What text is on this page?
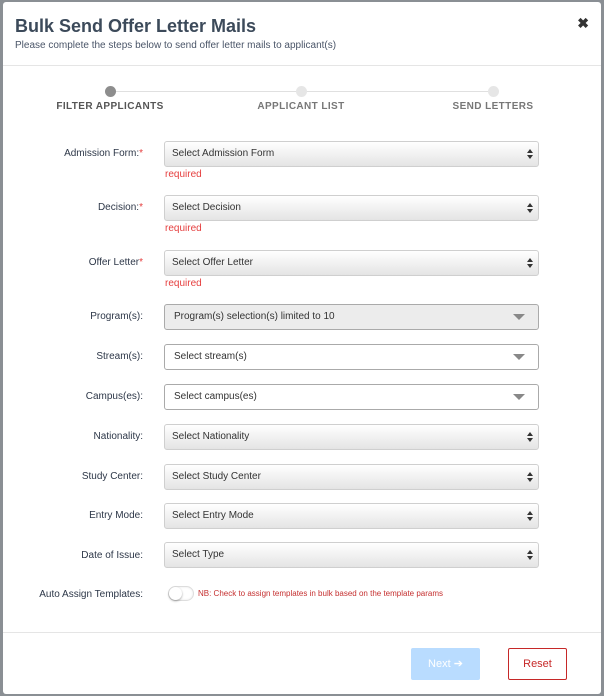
Bulk Send Offer Letter Mails
Please complete the steps below to send offer letter mails to applicant(s)
✖
FILTER APPLICANTS	APPLICANT LIST	SEND LETTERS
Admission Form:*	Select Admission Form
required
Decision:*	Select Decision
required
Offer Letter*	Select Offer Letter
required
Program(s):	Program(s) selection(s) limited to 10
Stream(s):	Select stream(s)
Campus(es):	Select campus(es)
Nationality:	Select Nationality
Study Center:	Select Study Center
Entry Mode:	Select Entry Mode
Date of Issue:	Select Type
Auto Assign Templates:	NB: Check to assign templates in bulk based on the template params
Next ➔	Reset
